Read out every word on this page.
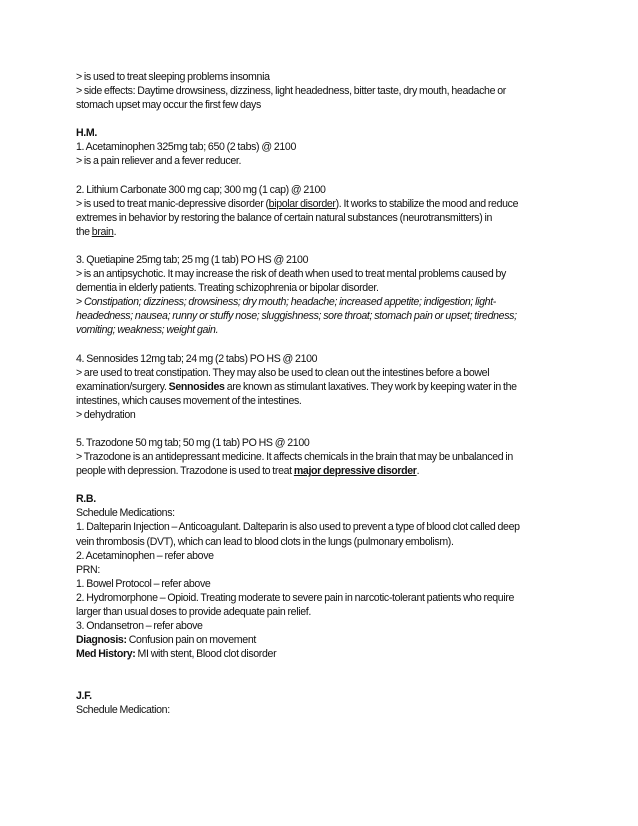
> is used to treat sleeping problems insomnia
> side effects: Daytime drowsiness, dizziness, light headedness, bitter taste, dry mouth, headache or
stomach upset may occur the first few days
H.M.
1. Acetaminophen 325mg tab; 650 (2 tabs) @ 2100
> is a pain reliever and a fever reducer.
2. Lithium Carbonate 300 mg cap; 300 mg (1 cap) @ 2100
> is used to treat manic-depressive disorder (bipolar disorder). It works to stabilize the mood and reduce
extremes in behavior by restoring the balance of certain natural substances (neurotransmitters) in
the brain.
3. Quetiapine 25mg tab; 25 mg (1 tab) PO HS @ 2100
> is an antipsychotic. It may increase the risk of death when used to treat mental problems caused by
dementia in elderly patients. Treating schizophrenia or bipolar disorder.
> Constipation; dizziness; drowsiness; dry mouth; headache; increased appetite; indigestion; light-
headedness; nausea; runny or stuffy nose; sluggishness; sore throat; stomach pain or upset; tiredness;
vomiting; weakness; weight gain.
4. Sennosides 12mg tab; 24 mg (2 tabs) PO HS @ 2100
> are used to treat constipation. They may also be used to clean out the intestines before a bowel
examination/surgery. Sennosides are known as stimulant laxatives. They work by keeping water in the
intestines, which causes movement of the intestines.
> dehydration
5. Trazodone 50 mg tab; 50 mg (1 tab) PO HS @ 2100
> Trazodone is an antidepressant medicine. It affects chemicals in the brain that may be unbalanced in
people with depression. Trazodone is used to treat major depressive disorder.
R.B.
Schedule Medications:
1. Dalteparin Injection – Anticoagulant. Dalteparin is also used to prevent a type of blood clot called deep
vein thrombosis (DVT), which can lead to blood clots in the lungs (pulmonary embolism).
2. Acetaminophen – refer above
PRN:
1. Bowel Protocol – refer above
2. Hydromorphone – Opioid. Treating moderate to severe pain in narcotic-tolerant patients who require
larger than usual doses to provide adequate pain relief.
3. Ondansetron – refer above
Diagnosis: Confusion pain on movement
Med History: MI with stent, Blood clot disorder
J.F.
Schedule Medication:
